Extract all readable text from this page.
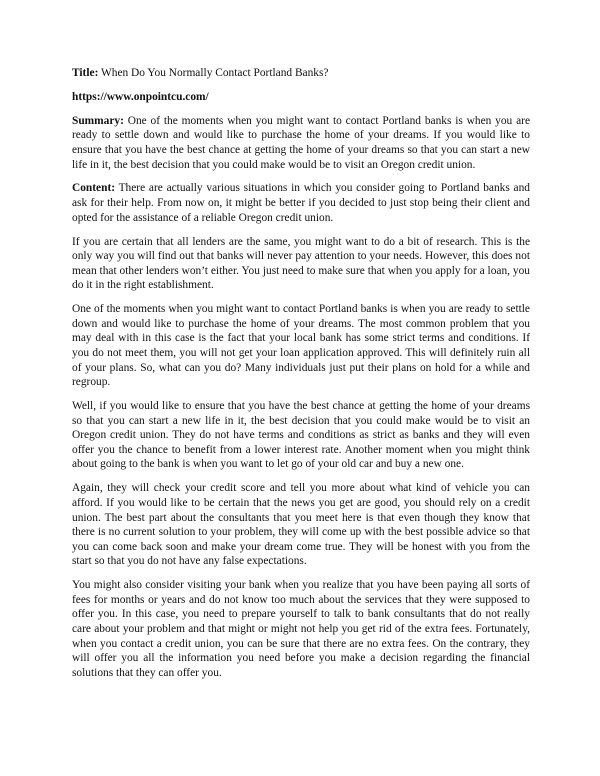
Title: When Do You Normally Contact Portland Banks?

https://www.onpointcu.com/

Summary: One of the moments when you might want to contact Portland banks is when you are ready to settle down and would like to purchase the home of your dreams. If you would like to ensure that you have the best chance at getting the home of your dreams so that you can start a new life in it, the best decision that you could make would be to visit an Oregon credit union.

Content: There are actually various situations in which you consider going to Portland banks and ask for their help. From now on, it might be better if you decided to just stop being their client and opted for the assistance of a reliable Oregon credit union.

If you are certain that all lenders are the same, you might want to do a bit of research. This is the only way you will find out that banks will never pay attention to your needs. However, this does not mean that other lenders won’t either. You just need to make sure that when you apply for a loan, you do it in the right establishment.

One of the moments when you might want to contact Portland banks is when you are ready to settle down and would like to purchase the home of your dreams. The most common problem that you may deal with in this case is the fact that your local bank has some strict terms and conditions. If you do not meet them, you will not get your loan application approved. This will definitely ruin all of your plans. So, what can you do? Many individuals just put their plans on hold for a while and regroup.

Well, if you would like to ensure that you have the best chance at getting the home of your dreams so that you can start a new life in it, the best decision that you could make would be to visit an Oregon credit union. They do not have terms and conditions as strict as banks and they will even offer you the chance to benefit from a lower interest rate. Another moment when you might think about going to the bank is when you want to let go of your old car and buy a new one.

Again, they will check your credit score and tell you more about what kind of vehicle you can afford. If you would like to be certain that the news you get are good, you should rely on a credit union. The best part about the consultants that you meet here is that even though they know that there is no current solution to your problem, they will come up with the best possible advice so that you can come back soon and make your dream come true. They will be honest with you from the start so that you do not have any false expectations.

You might also consider visiting your bank when you realize that you have been paying all sorts of fees for months or years and do not know too much about the services that they were supposed to offer you. In this case, you need to prepare yourself to talk to bank consultants that do not really care about your problem and that might or might not help you get rid of the extra fees. Fortunately, when you contact a credit union, you can be sure that there are no extra fees. On the contrary, they will offer you all the information you need before you make a decision regarding the financial solutions that they can offer you.
